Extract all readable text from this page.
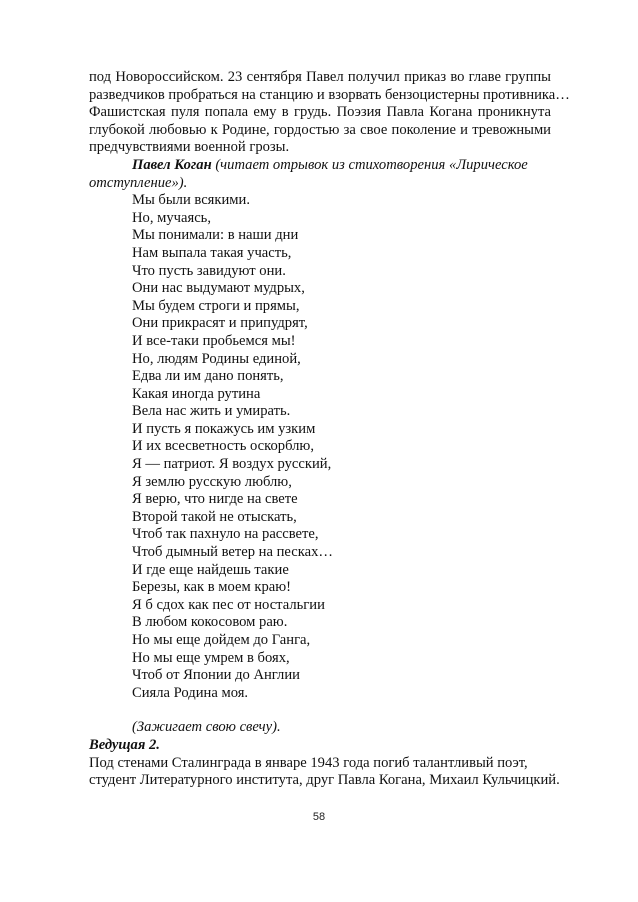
под Новороссийском. 23 сентября Павел получил приказ во главе группы
разведчиков пробраться на станцию и взорвать бензоцистерны противника…
Фашистская пуля попала ему в грудь. Поэзия Павла Когана проникнута
глубокой любовью к Родине, гордостью за свое поколение и тревожными
предчувствиями военной грозы.

Павел Коган (читает отрывок из стихотворения «Лирическое
отступление»).

Мы были всякими.
Но, мучаясь,
Мы понимали: в наши дни
Нам выпала такая участь,
Что пусть завидуют они.
Они нас выдумают мудрых,
Мы будем строги и прямы,
Они прикрасят и припудрят,
И все-таки пробьемся мы!
Но, людям Родины единой,
Едва ли им дано понять,
Какая иногда рутина
Вела нас жить и умирать.
И пусть я покажусь им узким
И их всесветность оскорблю,
Я — патриот. Я воздух русский,
Я землю русскую люблю,
Я верю, что нигде на свете
Второй такой не отыскать,
Чтоб так пахнуло на рассвете,
Чтоб дымный ветер на песках…
И где еще найдешь такие
Березы, как в моем краю!
Я б сдох как пес от ностальгии
В любом кокосовом раю.
Но мы еще дойдем до Ганга,
Но мы еще умрем в боях,
Чтоб от Японии до Англии
Сияла Родина моя.

(Зажигает свою свечу).

Ведущая 2.

Под стенами Сталинграда в январе 1943 года погиб талантливый поэт,
студент Литературного института, друг Павла Когана, Михаил Кульчицкий.
58
